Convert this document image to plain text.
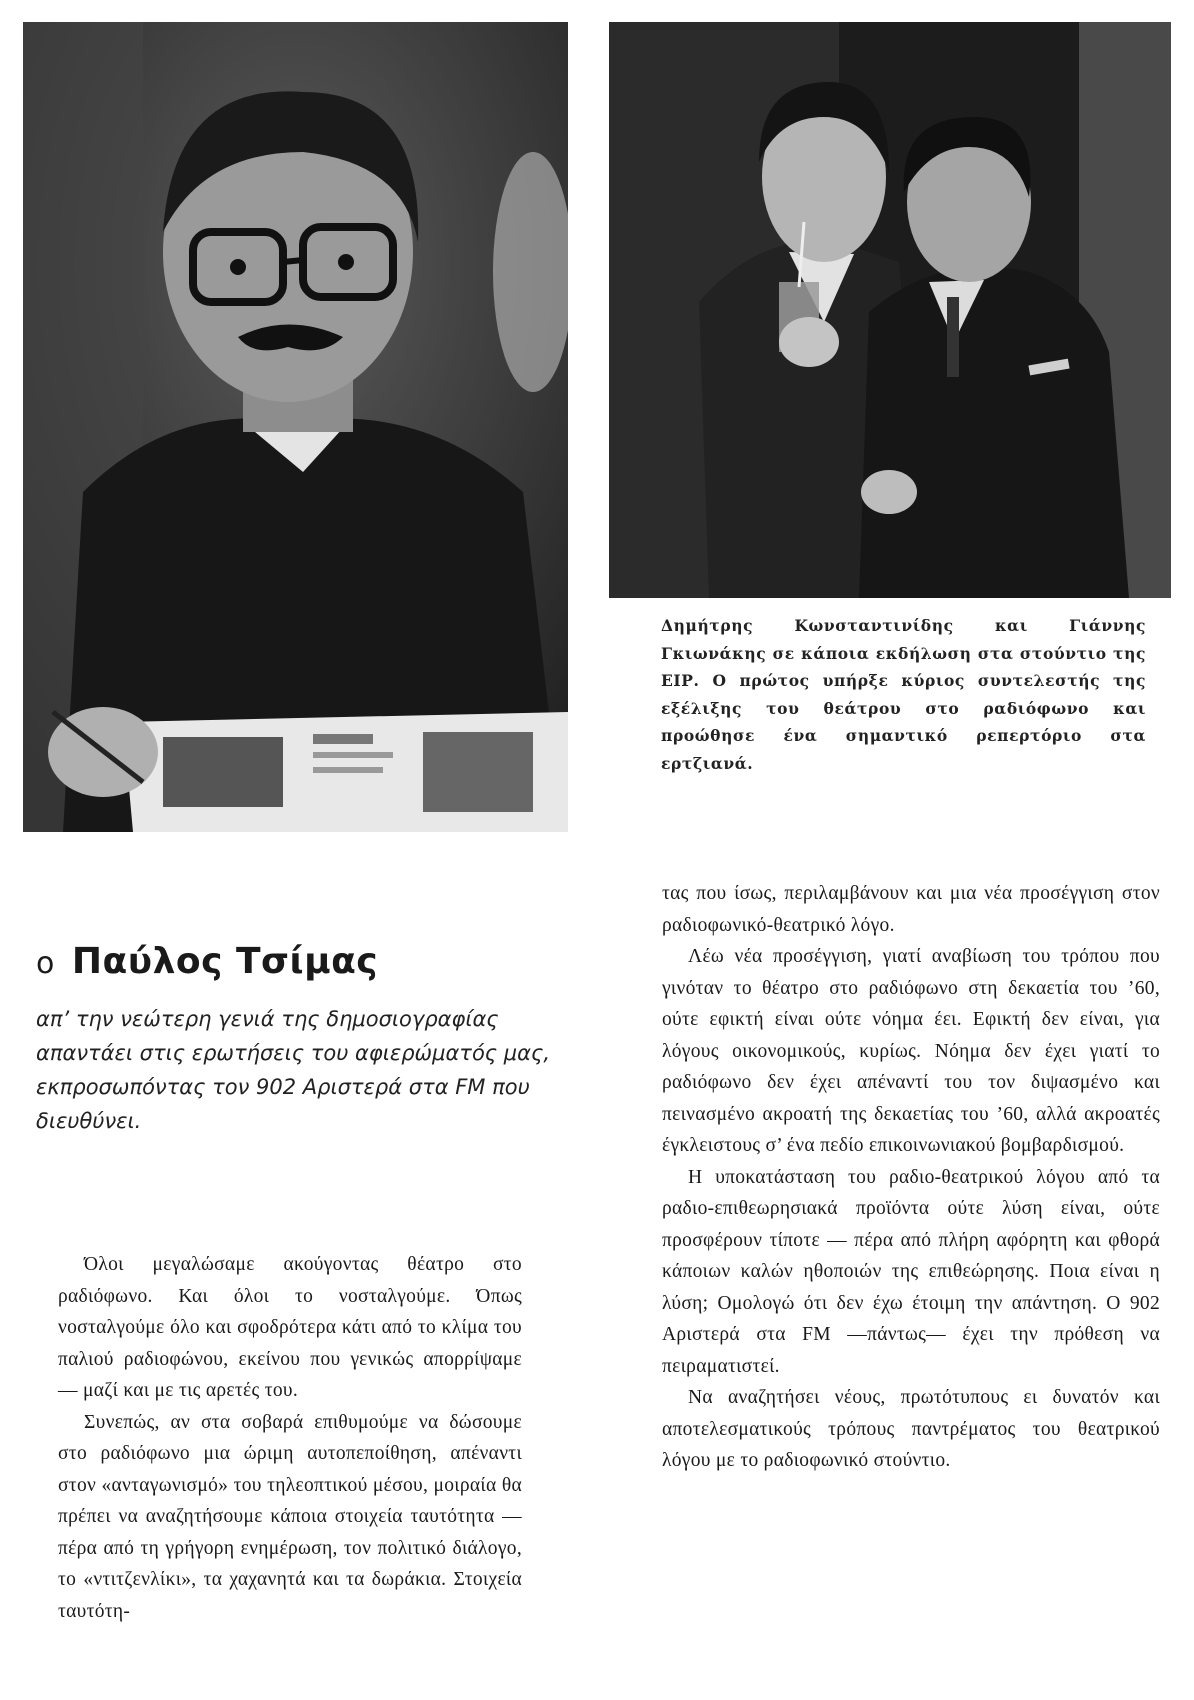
Δημήτρης Κωνσταντινίδης και Γιάννης Γκιωνάκης σε κάποια εκδήλωση στα στούντιο της ΕΙΡ. Ο πρώτος υπήρξε κύριος συντελεστής της εξέλιξης του θεάτρου στο ραδιόφωνο και προώθησε ένα σημαντικό ρεπερτόριο στα ερτζιανά.
ο Παύλος Τσίμας
απ’ την νεώτερη γενιά της δημοσιογραφίας απαντάει στις ερωτήσεις του αφιερώματός μας, εκπροσωπόντας τον 902 Αριστερά στα FM που διευθύνει.

Όλοι μεγαλώσαμε ακούγοντας θέατρο στο ραδιόφωνο. Και όλοι το νοσταλγούμε. Όπως νοσταλγούμε όλο και σφοδρότερα κάτι από το κλίμα του παλιού ραδιοφώνου, εκείνου που γενικώς απορρίψαμε — μαζί και με τις αρετές του.

Συνεπώς, αν στα σοβαρά επιθυμούμε να δώσουμε στο ραδιόφωνο μια ώριμη αυτοπεποίθηση, απέναντι στον «ανταγωνισμό» του τηλεοπτικού μέσου, μοιραία θα πρέπει να αναζητήσουμε κάποια στοιχεία ταυτότητα — πέρα από τη γρήγορη ενημέρωση, τον πολιτικό διάλογο, το «ντιτζενλίκι», τα χαχανητά και τα δωράκια. Στοιχεία ταυτότη-

τας που ίσως, περιλαμβάνουν και μια νέα προσέγγιση στον ραδιοφωνικό-θεατρικό λόγο.

Λέω νέα προσέγγιση, γιατί αναβίωση του τρόπου που γινόταν το θέατρο στο ραδιόφωνο στη δεκαετία του ’60, ούτε εφικτή είναι ούτε νόημα έει. Εφικτή δεν είναι, για λόγους οικονομικούς, κυρίως. Νόημα δεν έχει γιατί το ραδιόφωνο δεν έχει απέναντί του τον διψασμένο και πεινασμένο ακροατή της δεκαετίας του ’60, αλλά ακροατές έγκλειστους σ’ ένα πεδίο επικοινωνιακού βομβαρδισμού.

Η υποκατάσταση του ραδιο-θεατρικού λόγου από τα ραδιο-επιθεωρησιακά προϊόντα ούτε λύση είναι, ούτε προσφέρουν τίποτε — πέρα από πλήρη αφόρητη και φθορά κάποιων καλών ηθοποιών της επιθεώρησης. Ποια είναι η λύση; Ομολογώ ότι δεν έχω έτοιμη την απάντηση. Ο 902 Αριστερά στα FM —πάντως— έχει την πρόθεση να πειραματιστεί.

Να αναζητήσει νέους, πρωτότυπους ει δυνατόν και αποτελεσματικούς τρόπους παντρέματος του θεατρικού λόγου με το ραδιοφωνικό στούντιο.
